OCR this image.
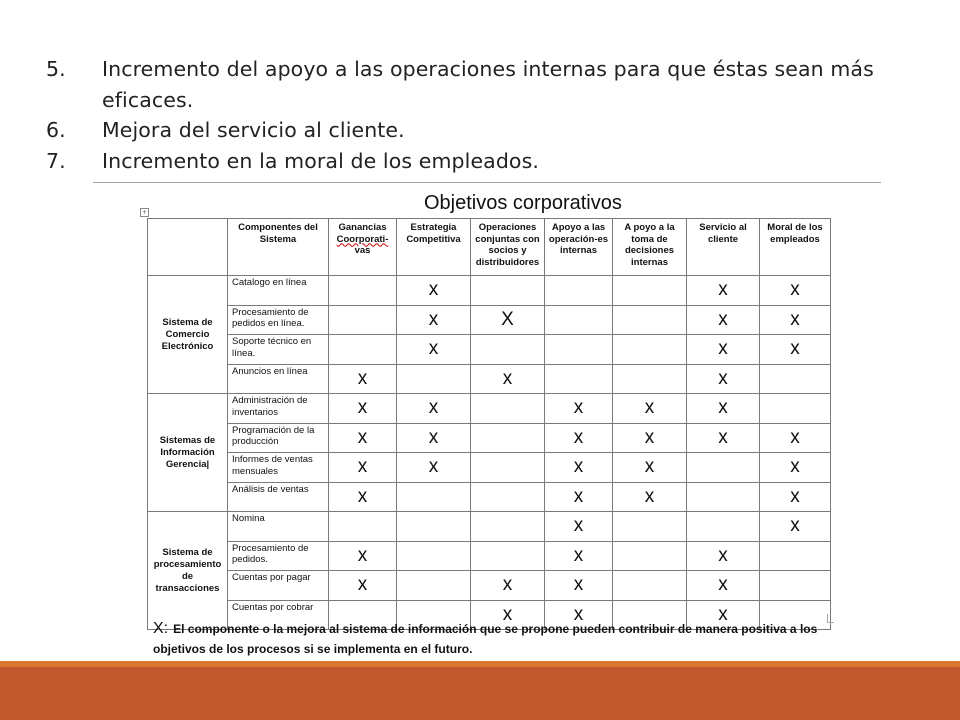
5. Incremento del apoyo a las operaciones internas para que éstas sean más eficaces.
6. Mejora del servicio al cliente.
7. Incremento en la moral de los empleados.
Objetivos corporativos
+
	Componentes del Sistema	Ganancias
Coorporati-
vas	Estrategia Competitiva	Operaciones conjuntas con socios y distribuidores	Apoyo a las operación-es internas	A poyo a la toma de decisiones internas	Servicio al cliente	Moral de los empleados
Sistema de Comercio Electrónico	Catalogo en línea		x				x	x
	Procesamiento de pedidos en línea.		x	X			x	x
	Soporte técnico en línea.		x				x	x
	Anuncios en línea	x		x			x	
Sistemas de Información Gerencia|	Administración de inventarios	x	x		x	x	x	
	Programación de la producción	x	x		x	x	x	x
	Informes de ventas mensuales	x	x		x	x		x
	Análisis de ventas	x			x	x		x
Sistema de procesamiento de transacciones	Nomina				x			x
	Procesamiento de pedidos.	x			x		x	
	Cuentas por pagar	x		x	x		x	
	Cuentas por cobrar			x	x		x	
X: El componente o la mejora al sistema de información que se propone pueden contribuir de manera positiva a los objetivos de los procesos si se implementa en el futuro.
